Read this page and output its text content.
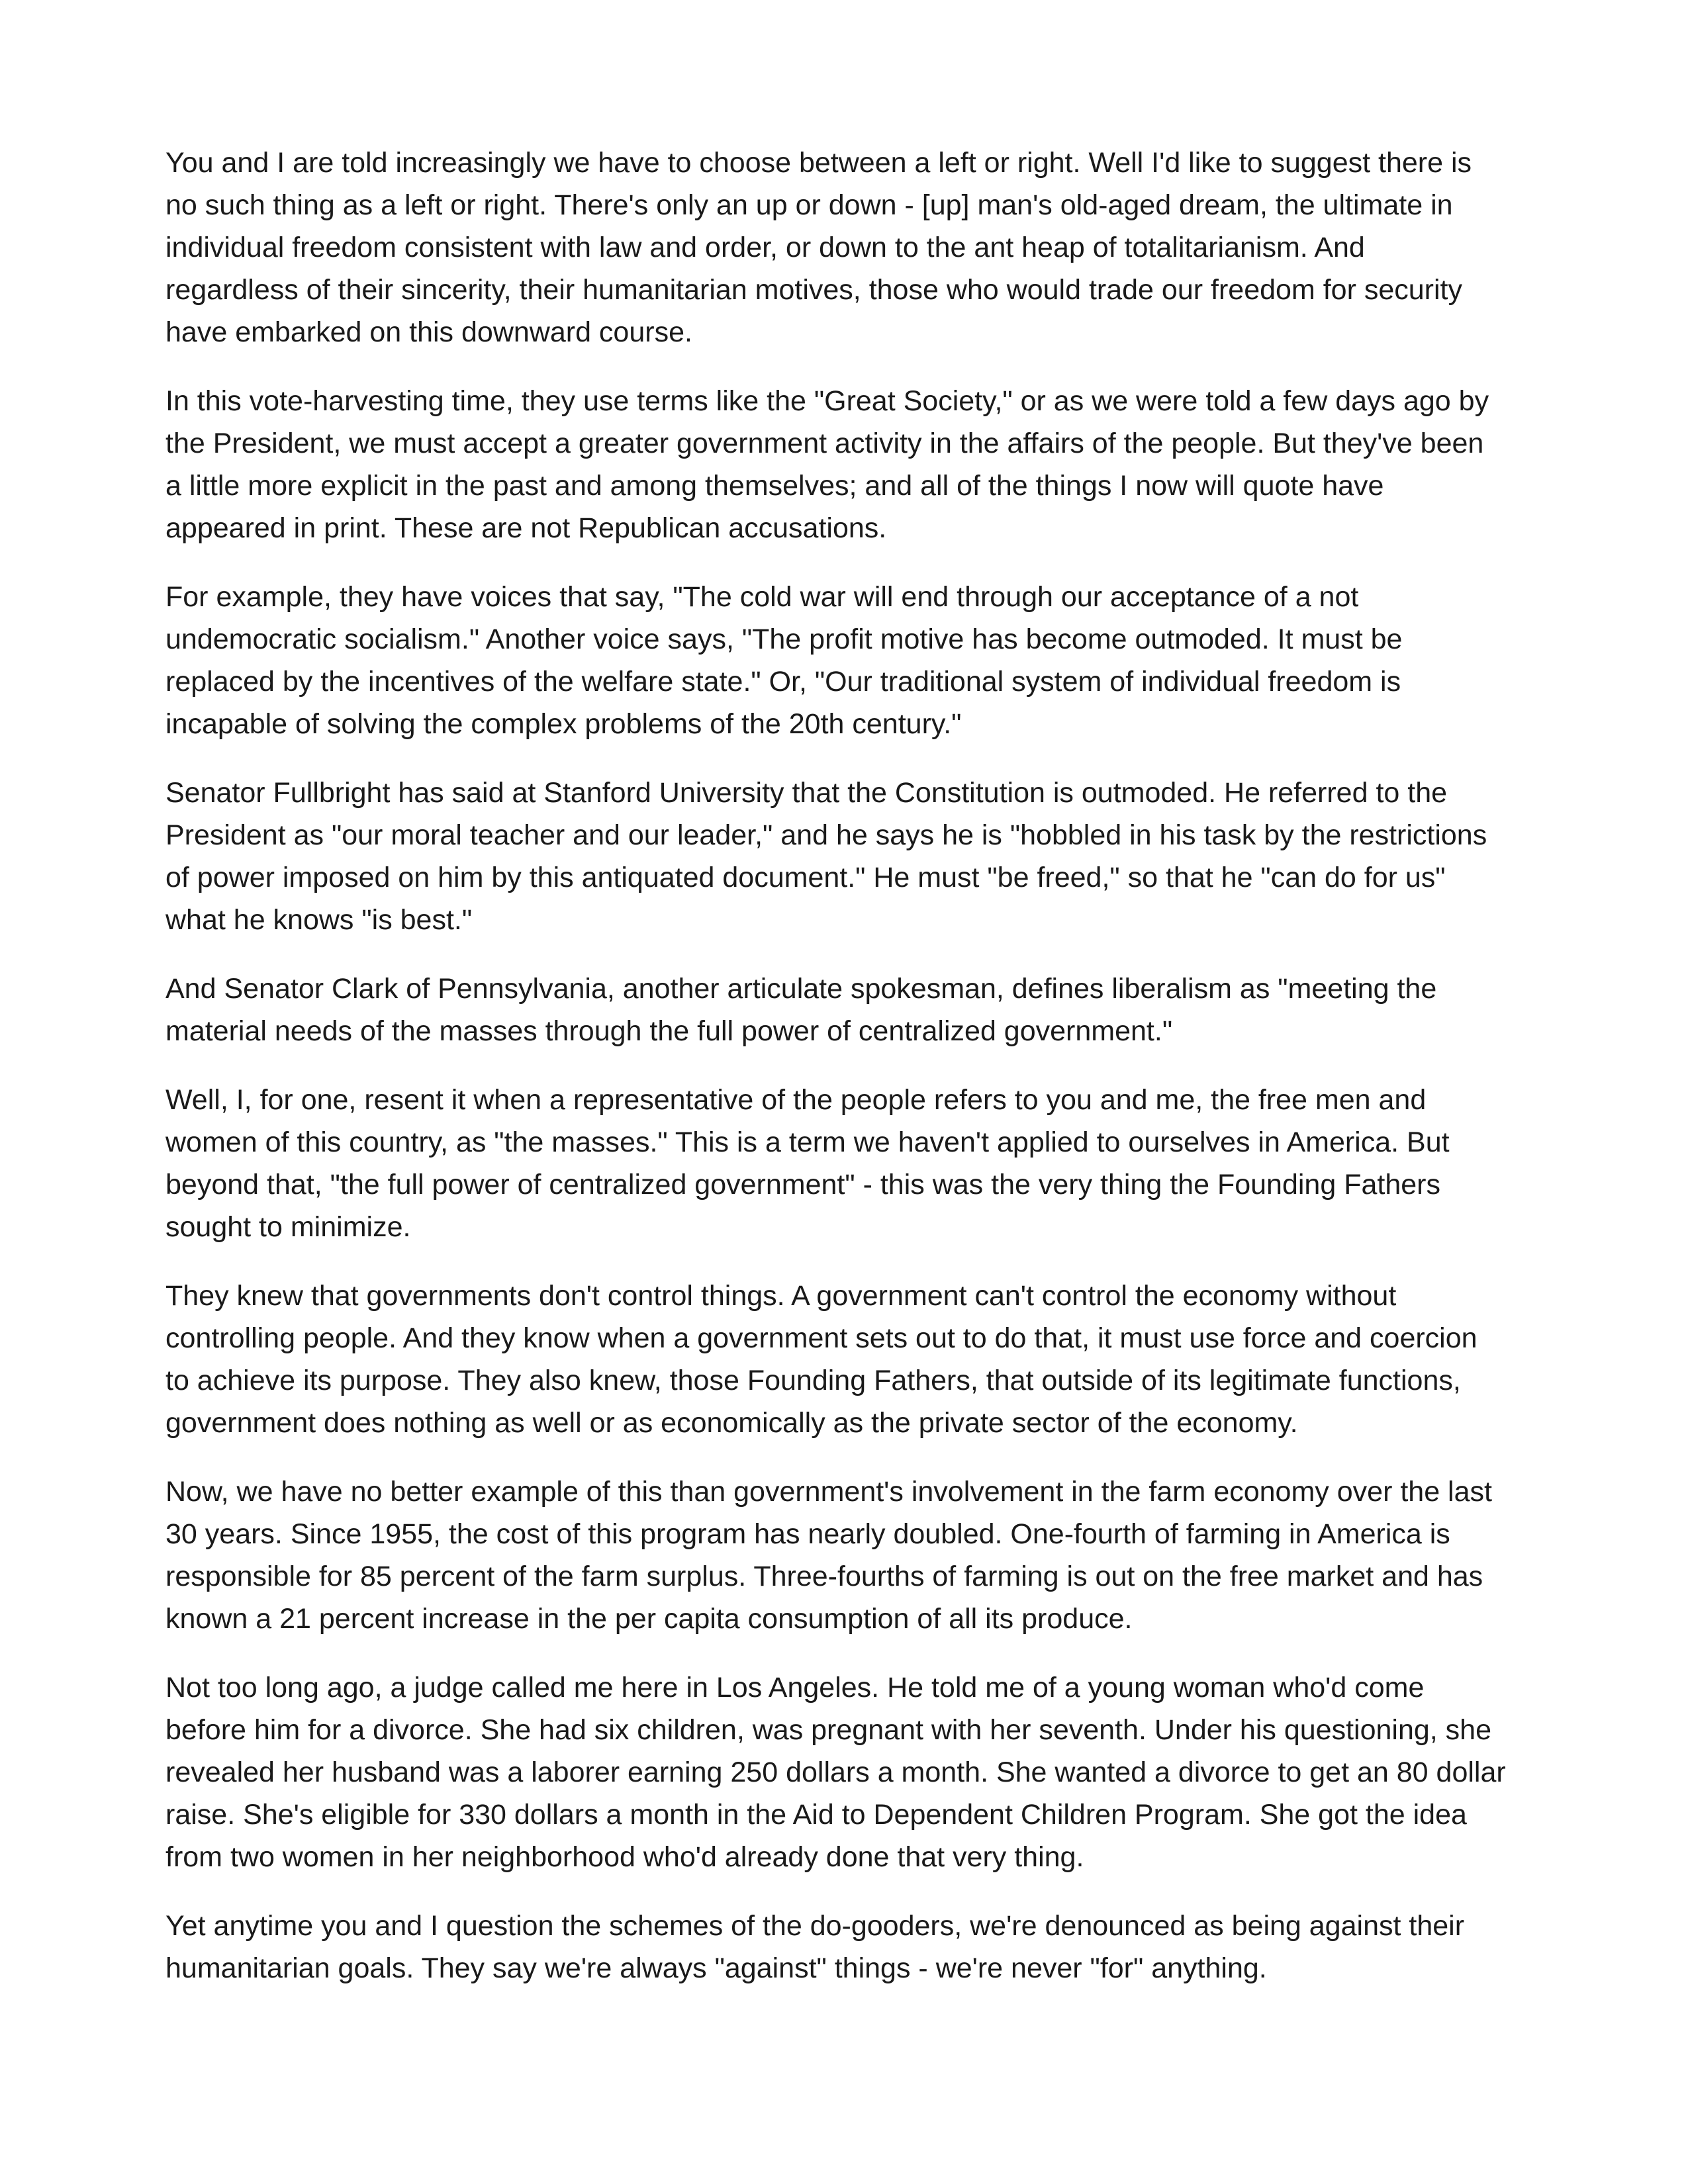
You and I are told increasingly we have to choose between a left or right. Well I'd like to suggest there is
no such thing as a left or right. There's only an up or down - [up] man's old-aged dream, the ultimate in
individual freedom consistent with law and order, or down to the ant heap of totalitarianism. And
regardless of their sincerity, their humanitarian motives, those who would trade our freedom for security
have embarked on this downward course.

In this vote-harvesting time, they use terms like the "Great Society," or as we were told a few days ago by
the President, we must accept a greater government activity in the affairs of the people. But they've been
a little more explicit in the past and among themselves; and all of the things I now will quote have
appeared in print. These are not Republican accusations.

For example, they have voices that say, "The cold war will end through our acceptance of a not
undemocratic socialism." Another voice says, "The profit motive has become outmoded. It must be
replaced by the incentives of the welfare state." Or, "Our traditional system of individual freedom is
incapable of solving the complex problems of the 20th century."

Senator Fullbright has said at Stanford University that the Constitution is outmoded. He referred to the
President as "our moral teacher and our leader," and he says he is "hobbled in his task by the restrictions
of power imposed on him by this antiquated document." He must "be freed," so that he "can do for us"
what he knows "is best."

And Senator Clark of Pennsylvania, another articulate spokesman, defines liberalism as "meeting the
material needs of the masses through the full power of centralized government."

Well, I, for one, resent it when a representative of the people refers to you and me, the free men and
women of this country, as "the masses." This is a term we haven't applied to ourselves in America. But
beyond that, "the full power of centralized government" - this was the very thing the Founding Fathers
sought to minimize.

They knew that governments don't control things. A government can't control the economy without
controlling people. And they know when a government sets out to do that, it must use force and coercion
to achieve its purpose. They also knew, those Founding Fathers, that outside of its legitimate functions,
government does nothing as well or as economically as the private sector of the economy.

Now, we have no better example of this than government's involvement in the farm economy over the last
30 years. Since 1955, the cost of this program has nearly doubled. One-fourth of farming in America is
responsible for 85 percent of the farm surplus. Three-fourths of farming is out on the free market and has
known a 21 percent increase in the per capita consumption of all its produce.

Not too long ago, a judge called me here in Los Angeles. He told me of a young woman who'd come
before him for a divorce. She had six children, was pregnant with her seventh. Under his questioning, she
revealed her husband was a laborer earning 250 dollars a month. She wanted a divorce to get an 80 dollar
raise. She's eligible for 330 dollars a month in the Aid to Dependent Children Program. She got the idea
from two women in her neighborhood who'd already done that very thing.

Yet anytime you and I question the schemes of the do-gooders, we're denounced as being against their
humanitarian goals. They say we're always "against" things - we're never "for" anything.
